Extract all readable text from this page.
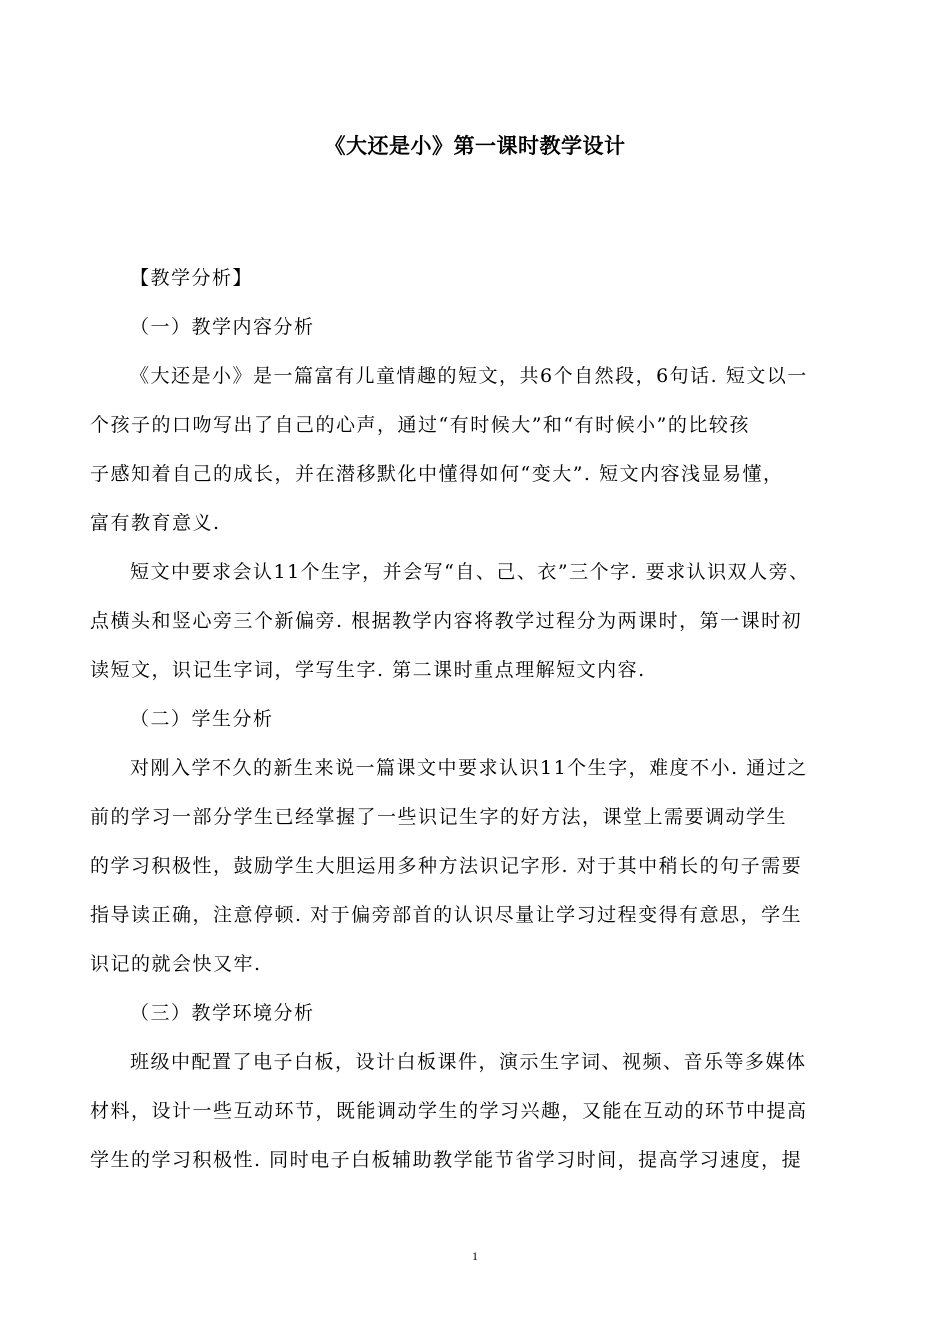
《大还是小》第一课时教学设计
【教学分析】
（一）教学内容分析
《大还是小》是一篇富有儿童情趣的短文，共6个自然段，6句话. 短文以一
个孩子的口吻写出了自己的心声，通过“有时候大”和“有时候小”的比较孩
子感知着自己的成长，并在潜移默化中懂得如何“变大”. 短文内容浅显易懂，
富有教育意义.
短文中要求会认11个生字，并会写“自、己、衣”三个字. 要求认识双人旁、
点横头和竖心旁三个新偏旁. 根据教学内容将教学过程分为两课时，第一课时初
读短文，识记生字词，学写生字. 第二课时重点理解短文内容.
（二）学生分析
对刚入学不久的新生来说一篇课文中要求认识11个生字，难度不小. 通过之
前的学习一部分学生已经掌握了一些识记生字的好方法，课堂上需要调动学生
的学习积极性，鼓励学生大胆运用多种方法识记字形. 对于其中稍长的句子需要
指导读正确，注意停顿. 对于偏旁部首的认识尽量让学习过程变得有意思，学生
识记的就会快又牢.
（三）教学环境分析
班级中配置了电子白板，设计白板课件，演示生字词、视频、音乐等多媒体
材料，设计一些互动环节，既能调动学生的学习兴趣，又能在互动的环节中提高
学生的学习积极性. 同时电子白板辅助教学能节省学习时间，提高学习速度，提
1
